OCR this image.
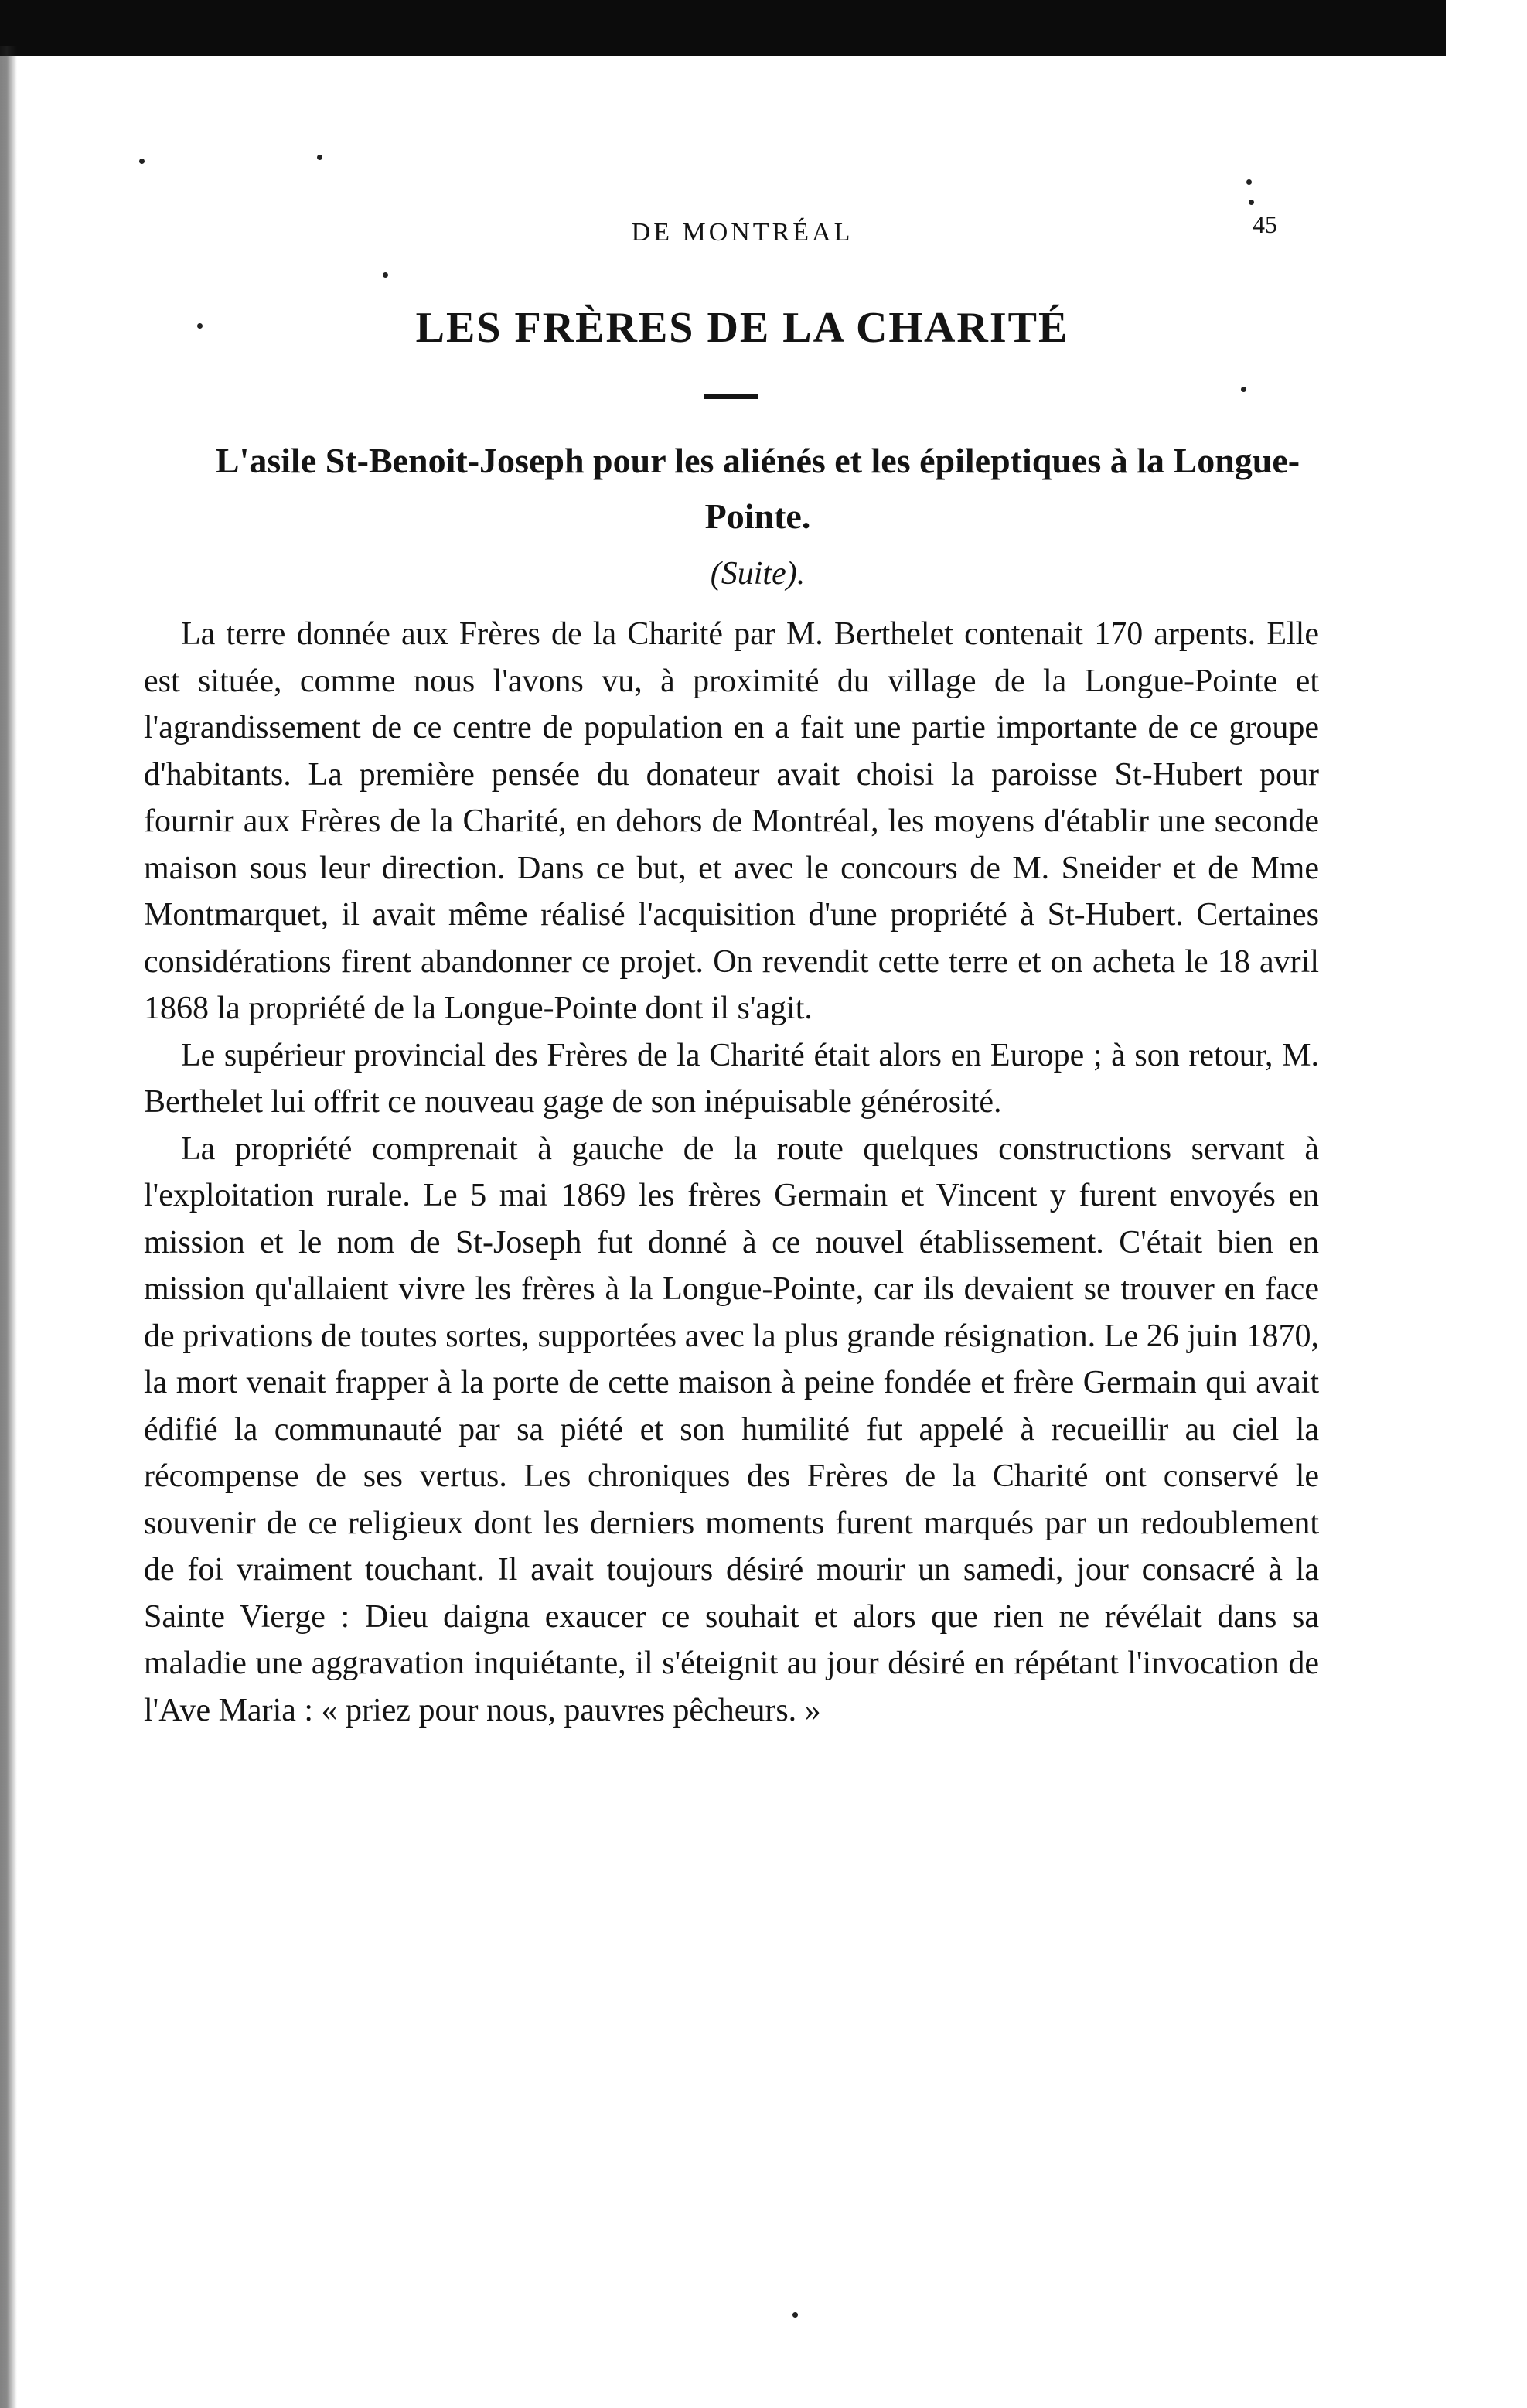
DE MONTRÉAL	45
LES FRÈRES DE LA CHARITÉ
L'asile St-Benoit-Joseph pour les aliénés et les épileptiques à la Longue-Pointe.
(Suite).

La terre donnée aux Frères de la Charité par M. Berthelet contenait 170 arpents. Elle est située, comme nous l'avons vu, à proximité du village de la Longue-Pointe et l'agrandissement de ce centre de population en a fait une partie importante de ce groupe d'habitants. La première pensée du donateur avait choisi la paroisse St-Hubert pour fournir aux Frères de la Charité, en dehors de Montréal, les moyens d'établir une seconde maison sous leur direction. Dans ce but, et avec le concours de M. Sneider et de Mme Montmarquet, il avait même réalisé l'acquisition d'une propriété à St-Hubert. Certaines considérations firent abandonner ce projet. On revendit cette terre et on acheta le 18 avril 1868 la propriété de la Longue-Pointe dont il s'agit.

Le supérieur provincial des Frères de la Charité était alors en Europe ; à son retour, M. Berthelet lui offrit ce nouveau gage de son inépuisable générosité.

La propriété comprenait à gauche de la route quelques constructions servant à l'exploitation rurale. Le 5 mai 1869 les frères Germain et Vincent y furent envoyés en mission et le nom de St-Joseph fut donné à ce nouvel établissement. C'était bien en mission qu'allaient vivre les frères à la Longue-Pointe, car ils devaient se trouver en face de privations de toutes sortes, supportées avec la plus grande résignation. Le 26 juin 1870, la mort venait frapper à la porte de cette maison à peine fondée et frère Germain qui avait édifié la communauté par sa piété et son humilité fut appelé à recueillir au ciel la récompense de ses vertus. Les chroniques des Frères de la Charité ont conservé le souvenir de ce religieux dont les derniers moments furent marqués par un redoublement de foi vraiment touchant. Il avait toujours désiré mourir un samedi, jour consacré à la Sainte Vierge : Dieu daigna exaucer ce souhait et alors que rien ne révélait dans sa maladie une aggravation inquiétante, il s'éteignit au jour désiré en répétant l'invocation de l'Ave Maria : « priez pour nous, pauvres pêcheurs. »
